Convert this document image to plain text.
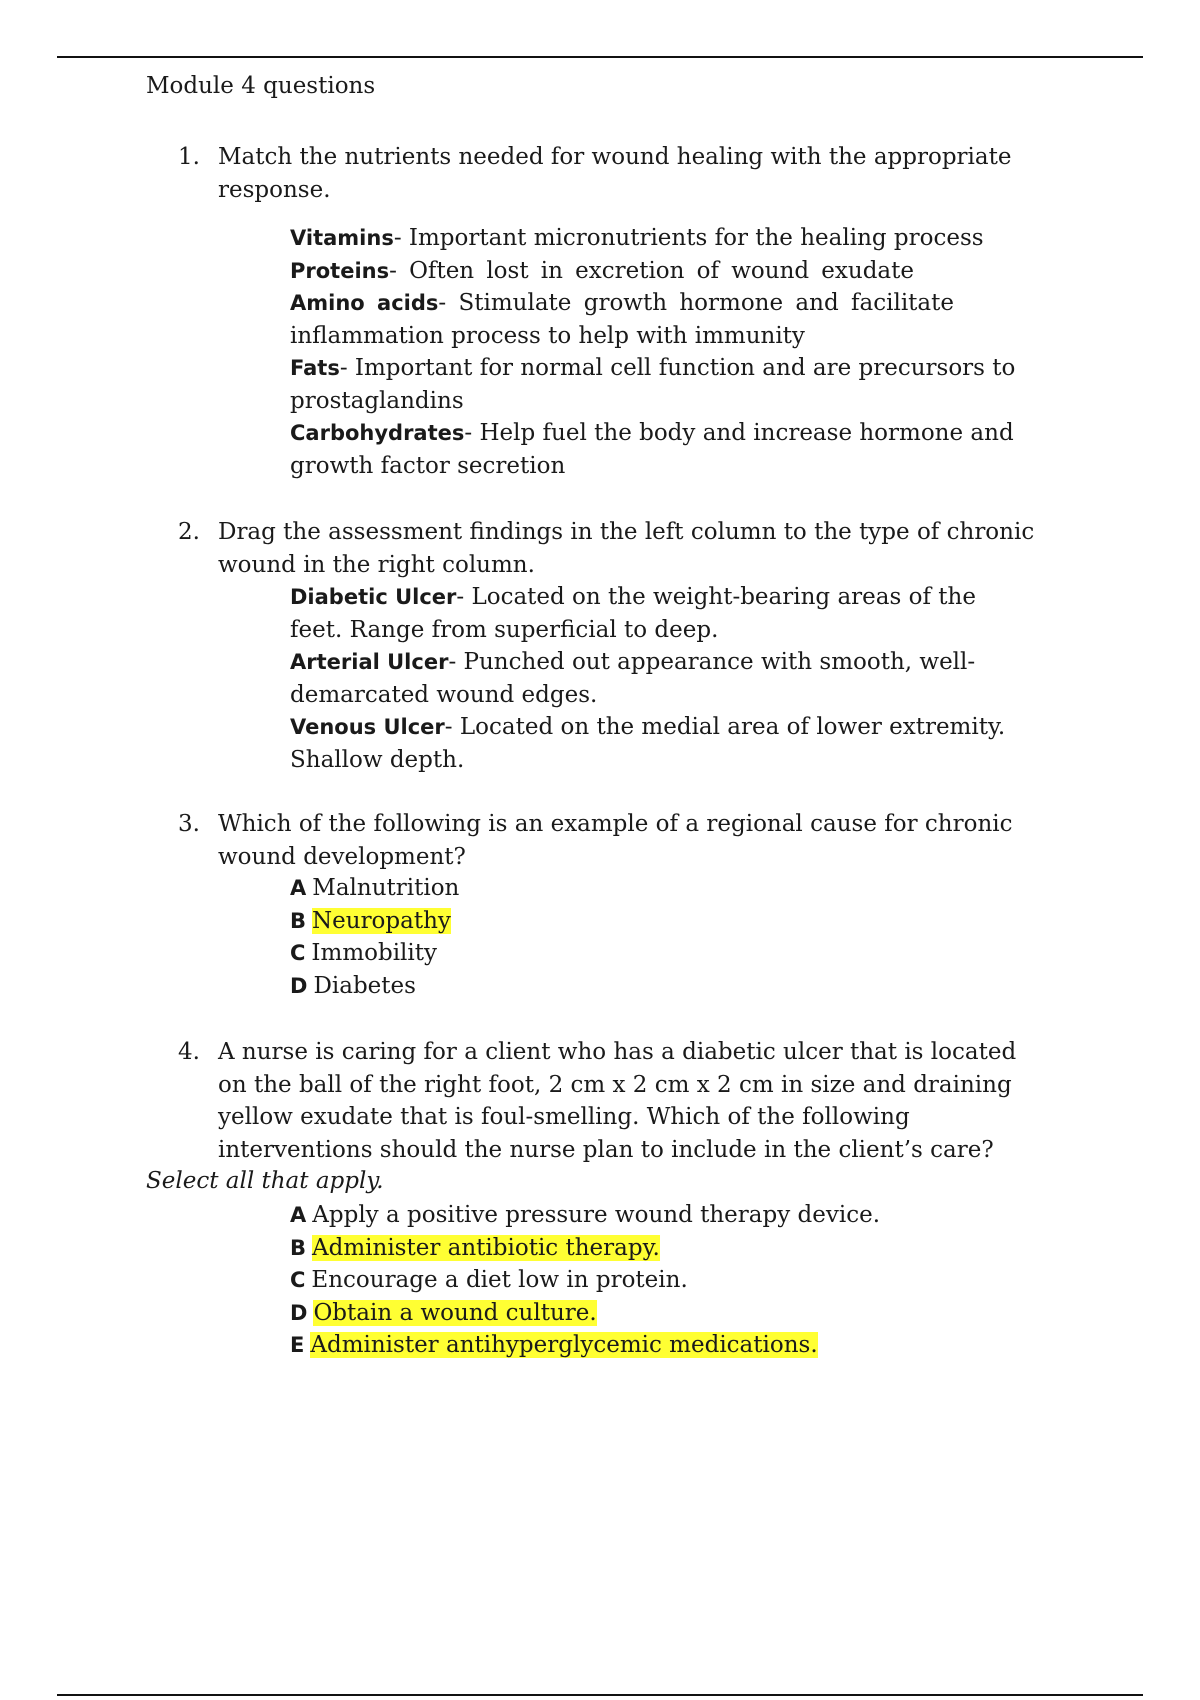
Module 4 questions
1. Match the nutrients needed for wound healing with the appropriate
response.
Vitamins- Important micronutrients for the healing process
Proteins- Often lost in excretion of wound exudate
Amino acids- Stimulate growth hormone and facilitate
inflammation process to help with immunity
Fats- Important for normal cell function and are precursors to
prostaglandins
Carbohydrates- Help fuel the body and increase hormone and
growth factor secretion
2. Drag the assessment findings in the left column to the type of chronic
wound in the right column.
Diabetic Ulcer- Located on the weight-bearing areas of the
feet. Range from superficial to deep.
Arterial Ulcer- Punched out appearance with smooth, well-
demarcated wound edges.
Venous Ulcer- Located on the medial area of lower extremity.
Shallow depth.
3. Which of the following is an example of a regional cause for chronic
wound development?
A Malnutrition
B Neuropathy
C Immobility
D Diabetes
4. A nurse is caring for a client who has a diabetic ulcer that is located
on the ball of the right foot, 2 cm x 2 cm x 2 cm in size and draining
yellow exudate that is foul-smelling. Which of the following
interventions should the nurse plan to include in the client’s care?
Select all that apply.
A Apply a positive pressure wound therapy device.
B Administer antibiotic therapy.
C Encourage a diet low in protein.
D Obtain a wound culture.
E Administer antihyperglycemic medications.
